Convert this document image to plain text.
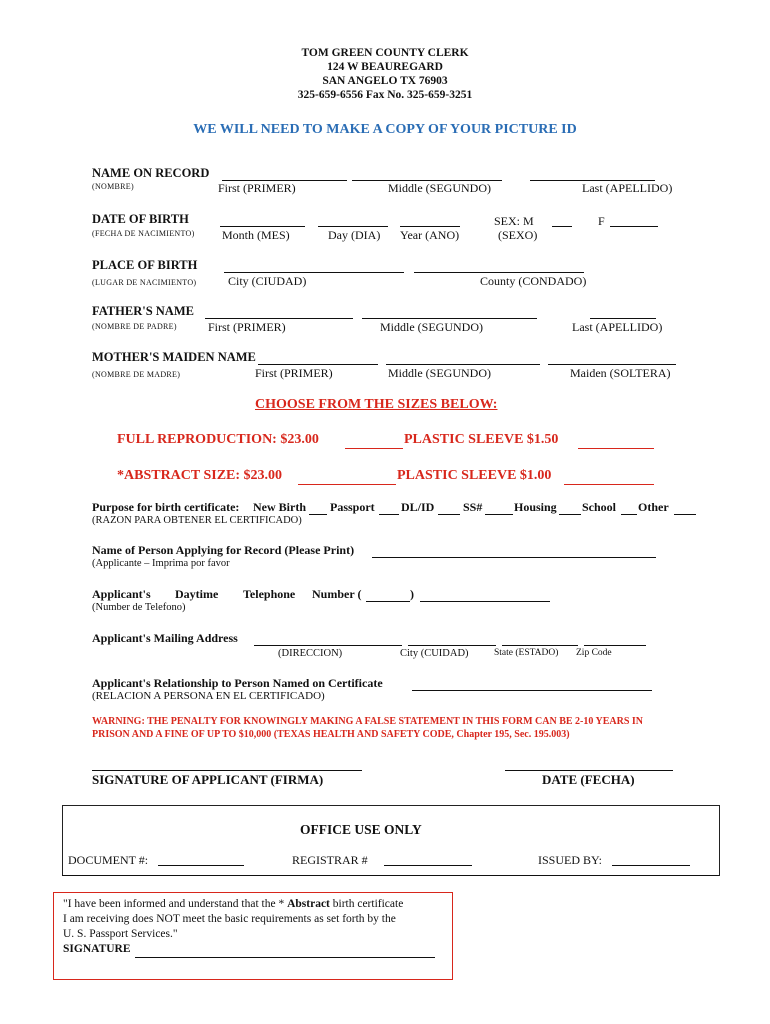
TOM GREEN COUNTY CLERK
124 W BEAUREGARD
SAN ANGELO TX 76903
325-659-6556 Fax No. 325-659-3251
WE WILL NEED TO MAKE A COPY OF YOUR PICTURE ID
NAME ON RECORD
(NOMBRE)	First (PRIMER)	Middle (SEGUNDO)	Last (APELLIDO)
DATE OF BIRTH
(FECHA DE NACIMIENTO) Month (MES)	Day (DIA) Year (ANO)
SEX: M	F
(SEXO)
PLACE OF BIRTH
(LUGAR DE NACIMIENTO)	City (CIUDAD)	County (CONDADO)
FATHER'S NAME
(NOMBRE DE PADRE)	First (PRIMER)	Middle (SEGUNDO)	Last (APELLIDO)
MOTHER'S MAIDEN NAME
(NOMBRE DE MADRE)	First (PRIMER)	Middle (SEGUNDO)	Maiden (SOLTERA)
CHOOSE FROM THE SIZES BELOW:
FULL REPRODUCTION: $23.00	PLASTIC SLEEVE $1.50
*ABSTRACT SIZE: $23.00	PLASTIC SLEEVE $1.00
Purpose for birth certificate: New Birth Passport DL/ID SS#	Housing School Other
(RAZON PARA OBTENER EL CERTIFICADO)
Name of Person Applying for Record (Please Print)
(Applicante – Imprima por favor
Applicant's Daytime Telephone Number (	)
(Number de Telefono)
Applicant's Mailing Address
(DIRECCION)	City (CUIDAD)	State (ESTADO) Zip Code
Applicant's Relationship to Person Named on Certificate
(RELACION A PERSONA EN EL CERTIFICADO)
WARNING: THE PENALTY FOR KNOWINGLY MAKING A FALSE STATEMENT IN THIS FORM CAN BE 2-10 YEARS IN
PRISON AND A FINE OF UP TO $10,000 (TEXAS HEALTH AND SAFETY CODE, Chapter 195, Sec. 195.003)
SIGNATURE OF APPLICANT (FIRMA)	DATE (FECHA)
OFFICE USE ONLY
DOCUMENT #:	REGISTRAR #	ISSUED BY:
"I have been informed and understand that the * Abstract birth certificate
I am receiving does NOT meet the basic requirements as set forth by the
U. S. Passport Services."
SIGNATURE
